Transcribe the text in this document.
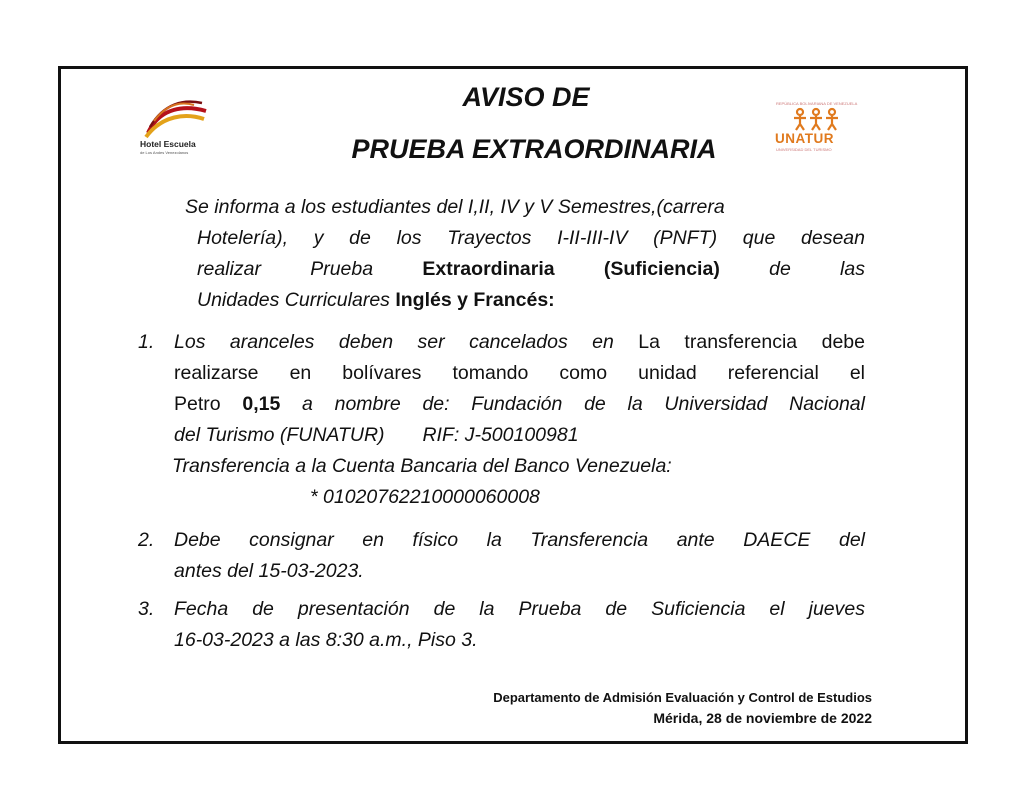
Hotel Escuela
de Los Andes Venezolanos
REPÚBLICA BOLIVARIANA DE VENEZUELA
UNATUR
UNIVERSIDAD DEL TURISMO
AVISO DE
PRUEBA EXTRAORDINARIA
Se informa a los estudiantes del I,II, IV y V Semestres,(carrera
Hotelería), y de los Trayectos I-II-III-IV (PNFT) que desean
realizar Prueba	Extraordinaria (Suficiencia)	de las
Unidades Curriculares Inglés y Francés:
1. Los aranceles deben ser cancelados en La transferencia debe
realizarse en bolívares tomando como unidad referencial el
Petro 0,15 a nombre de: Fundación de la Universidad Nacional
del Turismo (FUNATUR)       RIF: J-500100981
Transferencia a la Cuenta Bancaria del Banco Venezuela:
* 01020762210000060008
2. Debe consignar en físico la Transferencia ante DAECE del
antes del 15-03-2023.
3. Fecha de presentación de la Prueba de Suficiencia el jueves
16-03-2023 a las 8:30 a.m., Piso 3.
Departamento de Admisión Evaluación y Control de Estudios
Mérida, 28 de noviembre de 2022
